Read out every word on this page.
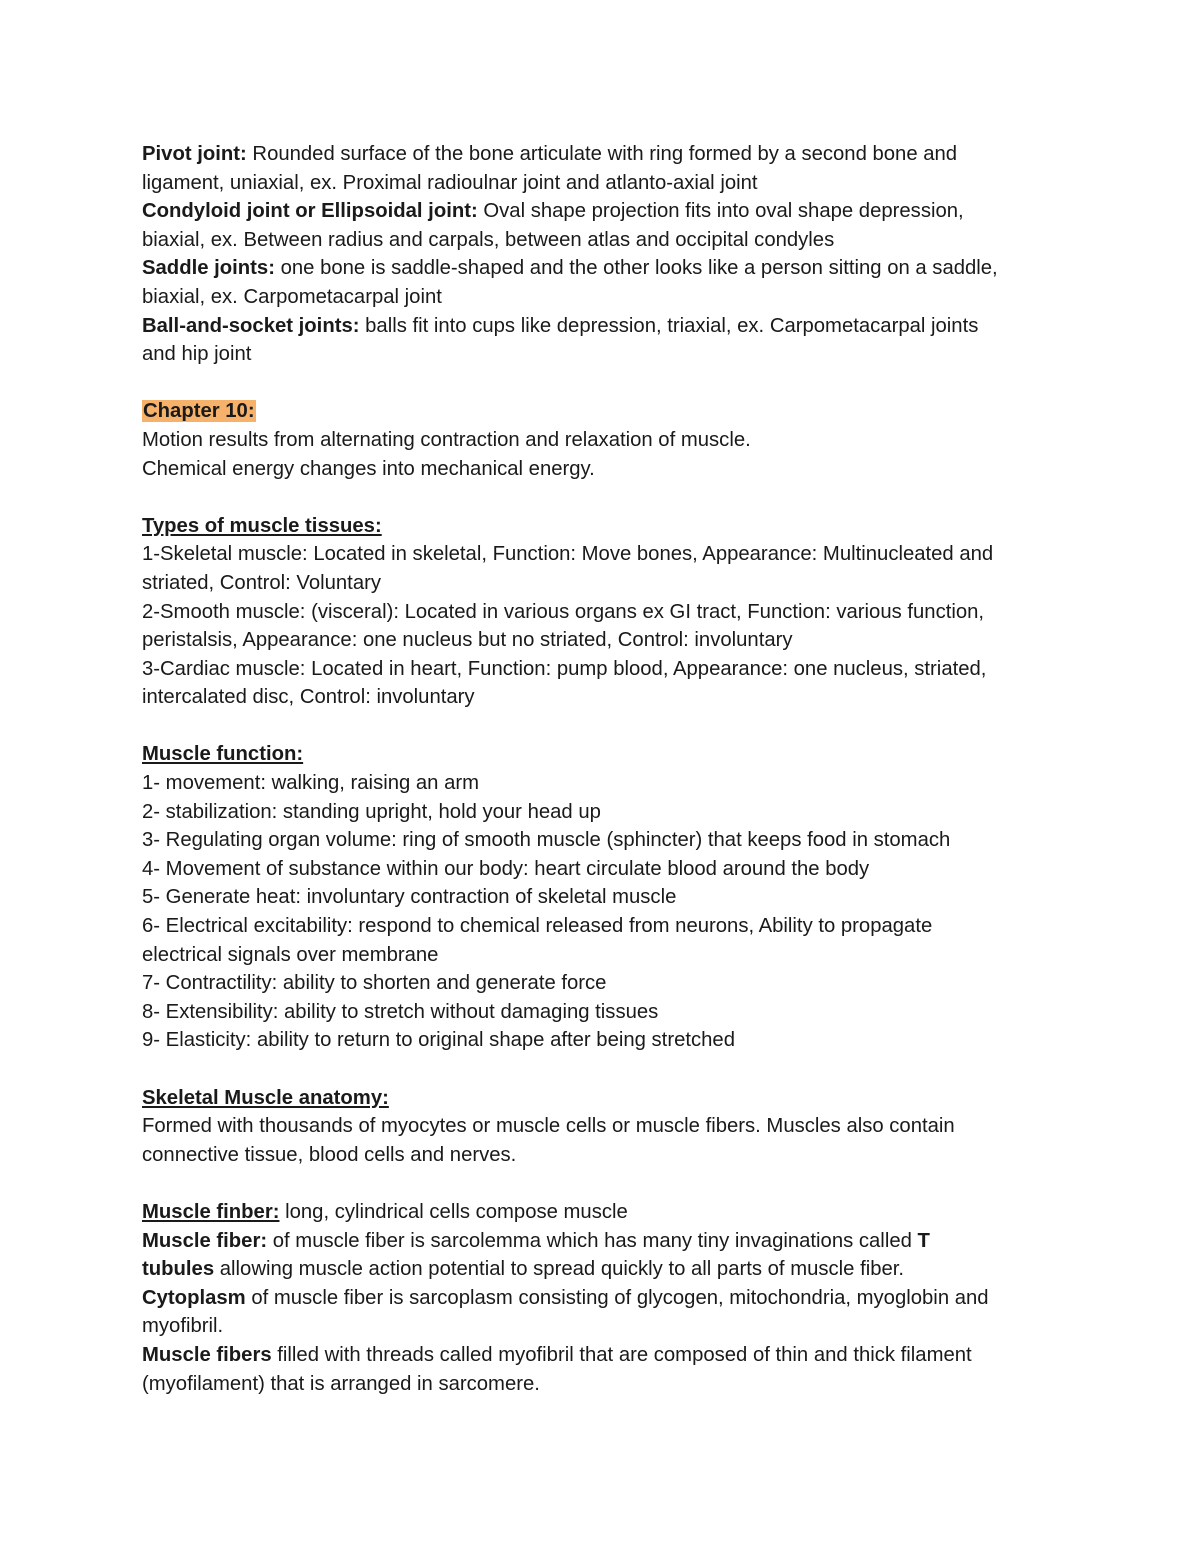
Pivot joint: Rounded surface of the bone articulate with ring formed by a second bone and
ligament, uniaxial, ex. Proximal radioulnar joint and atlanto-axial joint
Condyloid joint or Ellipsoidal joint: Oval shape projection fits into oval shape depression,
biaxial, ex. Between radius and carpals, between atlas and occipital condyles
Saddle joints: one bone is saddle-shaped and the other looks like a person sitting on a saddle,
biaxial, ex. Carpometacarpal joint
Ball-and-socket joints: balls fit into cups like depression, triaxial, ex. Carpometacarpal joints
and hip joint
Chapter 10:
Motion results from alternating contraction and relaxation of muscle.
Chemical energy changes into mechanical energy.
Types of muscle tissues:
1-Skeletal muscle: Located in skeletal, Function: Move bones, Appearance: Multinucleated and
striated, Control: Voluntary
2-Smooth muscle: (visceral): Located in various organs ex GI tract, Function: various function,
peristalsis, Appearance: one nucleus but no striated, Control: involuntary
3-Cardiac muscle: Located in heart, Function: pump blood, Appearance: one nucleus, striated,
intercalated disc, Control: involuntary
Muscle function:
1- movement: walking, raising an arm
2- stabilization: standing upright, hold your head up
3- Regulating organ volume: ring of smooth muscle (sphincter) that keeps food in stomach
4- Movement of substance within our body: heart circulate blood around the body
5- Generate heat: involuntary contraction of skeletal muscle
6- Electrical excitability: respond to chemical released from neurons, Ability to propagate
electrical signals over membrane
7- Contractility: ability to shorten and generate force
8- Extensibility: ability to stretch without damaging tissues
9- Elasticity: ability to return to original shape after being stretched
Skeletal Muscle anatomy:
Formed with thousands of myocytes or muscle cells or muscle fibers. Muscles also contain
connective tissue, blood cells and nerves.
Muscle finber: long, cylindrical cells compose muscle
Muscle fiber: of muscle fiber is sarcolemma which has many tiny invaginations called T
tubules allowing muscle action potential to spread quickly to all parts of muscle fiber.
Cytoplasm of muscle fiber is sarcoplasm consisting of glycogen, mitochondria, myoglobin and
myofibril.
Muscle fibers filled with threads called myofibril that are composed of thin and thick filament
(myofilament) that is arranged in sarcomere.
